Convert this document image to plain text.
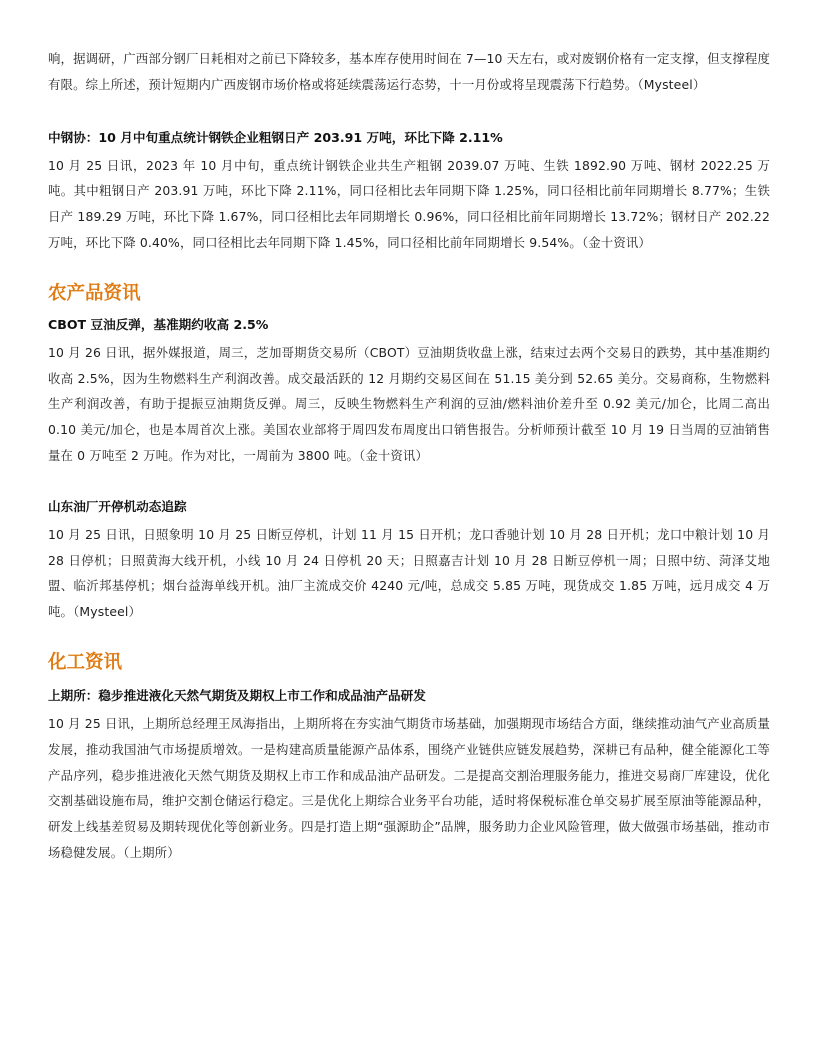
响，据调研，广西部分钢厂日耗相对之前已下降较多，基本库存使用时间在 7—10 天左右，或对废钢价格有一定支撑，但支撑程度有限。综上所述，预计短期内广西废钢市场价格或将延续震荡运行态势，十一月份或将呈现震荡下行趋势。（Mysteel）

中钢协：10 月中旬重点统计钢铁企业粗钢日产 203.91 万吨，环比下降 2.11%

10 月 25 日讯，2023 年 10 月中旬，重点统计钢铁企业共生产粗钢 2039.07 万吨、生铁 1892.90 万吨、钢材 2022.25 万吨。其中粗钢日产 203.91 万吨，环比下降 2.11%，同口径相比去年同期下降 1.25%，同口径相比前年同期增长 8.77%；生铁日产 189.29 万吨，环比下降 1.67%，同口径相比去年同期增长 0.96%，同口径相比前年同期增长 13.72%；钢材日产 202.22 万吨，环比下降 0.40%，同口径相比去年同期下降 1.45%，同口径相比前年同期增长 9.54%。（金十资讯）

农产品资讯

CBOT 豆油反弹，基准期约收高 2.5%

10 月 26 日讯，据外媒报道，周三，芝加哥期货交易所（CBOT）豆油期货收盘上涨，结束过去两个交易日的跌势，其中基准期约收高 2.5%，因为生物燃料生产利润改善。成交最活跃的 12 月期约交易区间在 51.15 美分到 52.65 美分。交易商称，生物燃料生产利润改善，有助于提振豆油期货反弹。周三，反映生物燃料生产利润的豆油/燃料油价差升至 0.92 美元/加仑，比周二高出 0.10 美元/加仑，也是本周首次上涨。美国农业部将于周四发布周度出口销售报告。分析师预计截至 10 月 19 日当周的豆油销售量在 0 万吨至 2 万吨。作为对比，一周前为 3800 吨。（金十资讯）

山东油厂开停机动态追踪

10 月 25 日讯，日照象明 10 月 25 日断豆停机，计划 11 月 15 日开机；龙口香驰计划 10 月 28 日开机；龙口中粮计划 10 月 28 日停机；日照黄海大线开机，小线 10 月 24 日停机 20 天；日照嘉吉计划 10 月 28 日断豆停机一周；日照中纺、菏泽艾地盟、临沂邦基停机；烟台益海单线开机。油厂主流成交价 4240 元/吨，总成交 5.85 万吨，现货成交 1.85 万吨，远月成交 4 万吨。（Mysteel）

化工资讯

上期所：稳步推进液化天然气期货及期权上市工作和成品油产品研发

10 月 25 日讯，上期所总经理王凤海指出，上期所将在夯实油气期货市场基础，加强期现市场结合方面，继续推动油气产业高质量发展，推动我国油气市场提质增效。一是构建高质量能源产品体系，围绕产业链供应链发展趋势，深耕已有品种，健全能源化工等产品序列，稳步推进液化天然气期货及期权上市工作和成品油产品研发。二是提高交割治理服务能力，推进交易商厂库建设，优化交割基础设施布局，维护交割仓储运行稳定。三是优化上期综合业务平台功能，适时将保税标准仓单交易扩展至原油等能源品种，研发上线基差贸易及期转现优化等创新业务。四是打造上期“强源助企”品牌，服务助力企业风险管理，做大做强市场基础，推动市场稳健发展。（上期所）
